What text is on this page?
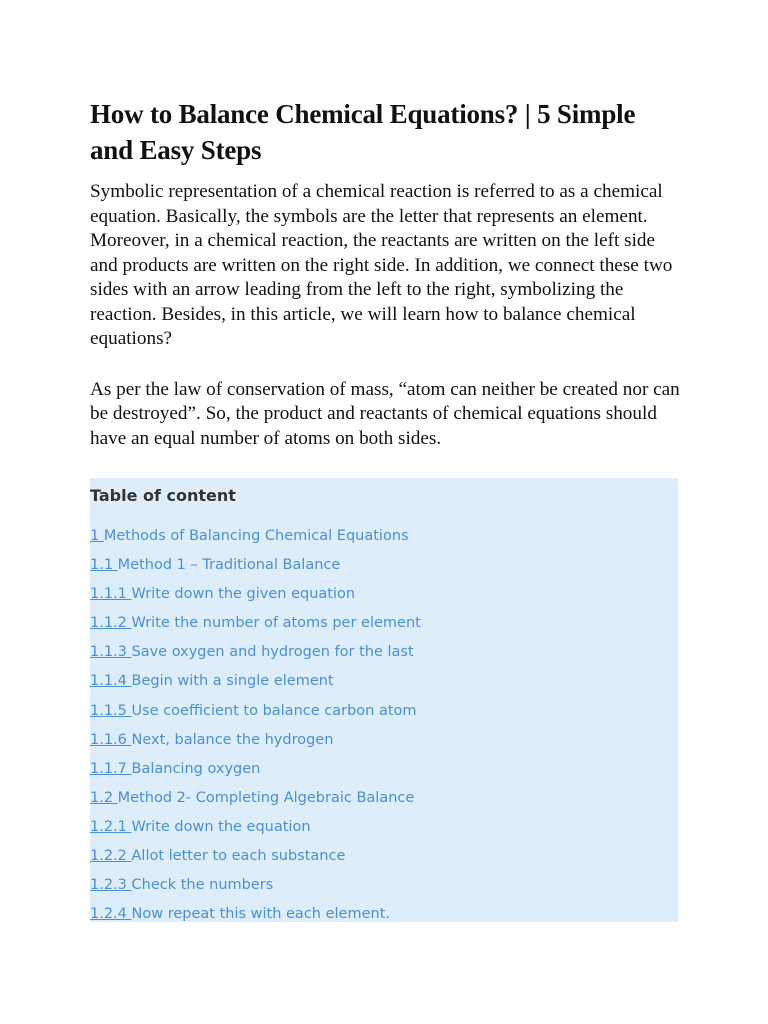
How to Balance Chemical Equations? | 5 Simple and Easy Steps

Symbolic representation of a chemical reaction is referred to as a chemical equation. Basically, the symbols are the letter that represents an element. Moreover, in a chemical reaction, the reactants are written on the left side and products are written on the right side. In addition, we connect these two sides with an arrow leading from the left to the right, symbolizing the reaction. Besides, in this article, we will learn how to balance chemical equations?

As per the law of conservation of mass, “atom can neither be created nor can be destroyed”. So, the product and reactants of chemical equations should have an equal number of atoms on both sides.

Table of content
1 Methods of Balancing Chemical Equations
1.1 Method 1 – Traditional Balance
1.1.1 Write down the given equation
1.1.2 Write the number of atoms per element
1.1.3 Save oxygen and hydrogen for the last
1.1.4 Begin with a single element
1.1.5 Use coefficient to balance carbon atom
1.1.6 Next, balance the hydrogen
1.1.7 Balancing oxygen
1.2 Method 2- Completing Algebraic Balance
1.2.1 Write down the equation
1.2.2 Allot letter to each substance
1.2.3 Check the numbers
1.2.4 Now repeat this with each element.
